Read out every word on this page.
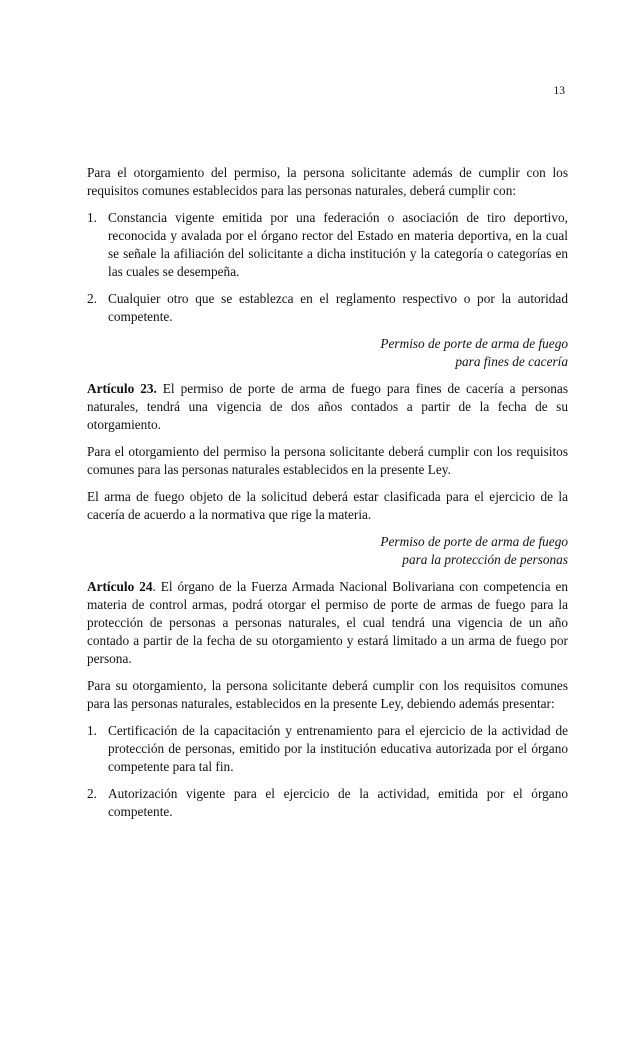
13

Para el otorgamiento del permiso, la persona solicitante además de cumplir con los requisitos comunes establecidos para las personas naturales, deberá cumplir con:

1. Constancia vigente emitida por una federación o asociación de tiro deportivo, reconocida y avalada por el órgano rector del Estado en materia deportiva, en la cual se señale la afiliación del solicitante a dicha institución y la categoría o categorías en las cuales se desempeña.
2. Cualquier otro que se establezca en el reglamento respectivo o por la autoridad competente.
Permiso de porte de arma de fuego
para fines de cacería

Artículo 23. El permiso de porte de arma de fuego para fines de cacería a personas naturales, tendrá una vigencia de dos años contados a partir de la fecha de su otorgamiento.

Para el otorgamiento del permiso la persona solicitante deberá cumplir con los requisitos comunes para las personas naturales establecidos en la presente Ley.

El arma de fuego objeto de la solicitud deberá estar clasificada para el ejercicio de la cacería de acuerdo a la normativa que rige la materia.

Permiso de porte de arma de fuego
para la protección de personas

Artículo 24. El órgano de la Fuerza Armada Nacional Bolivariana con competencia en materia de control armas, podrá otorgar el permiso de porte de armas de fuego para la protección de personas a personas naturales, el cual tendrá una vigencia de un año contado a partir de la fecha de su otorgamiento y estará limitado a un arma de fuego por persona.

Para su otorgamiento, la persona solicitante deberá cumplir con los requisitos comunes para las personas naturales, establecidos en la presente Ley, debiendo además presentar:

1. Certificación de la capacitación y entrenamiento para el ejercicio de la actividad de protección de personas, emitido por la institución educativa autorizada por el órgano competente para tal fin.
2. Autorización vigente para el ejercicio de la actividad, emitida por el órgano competente.
